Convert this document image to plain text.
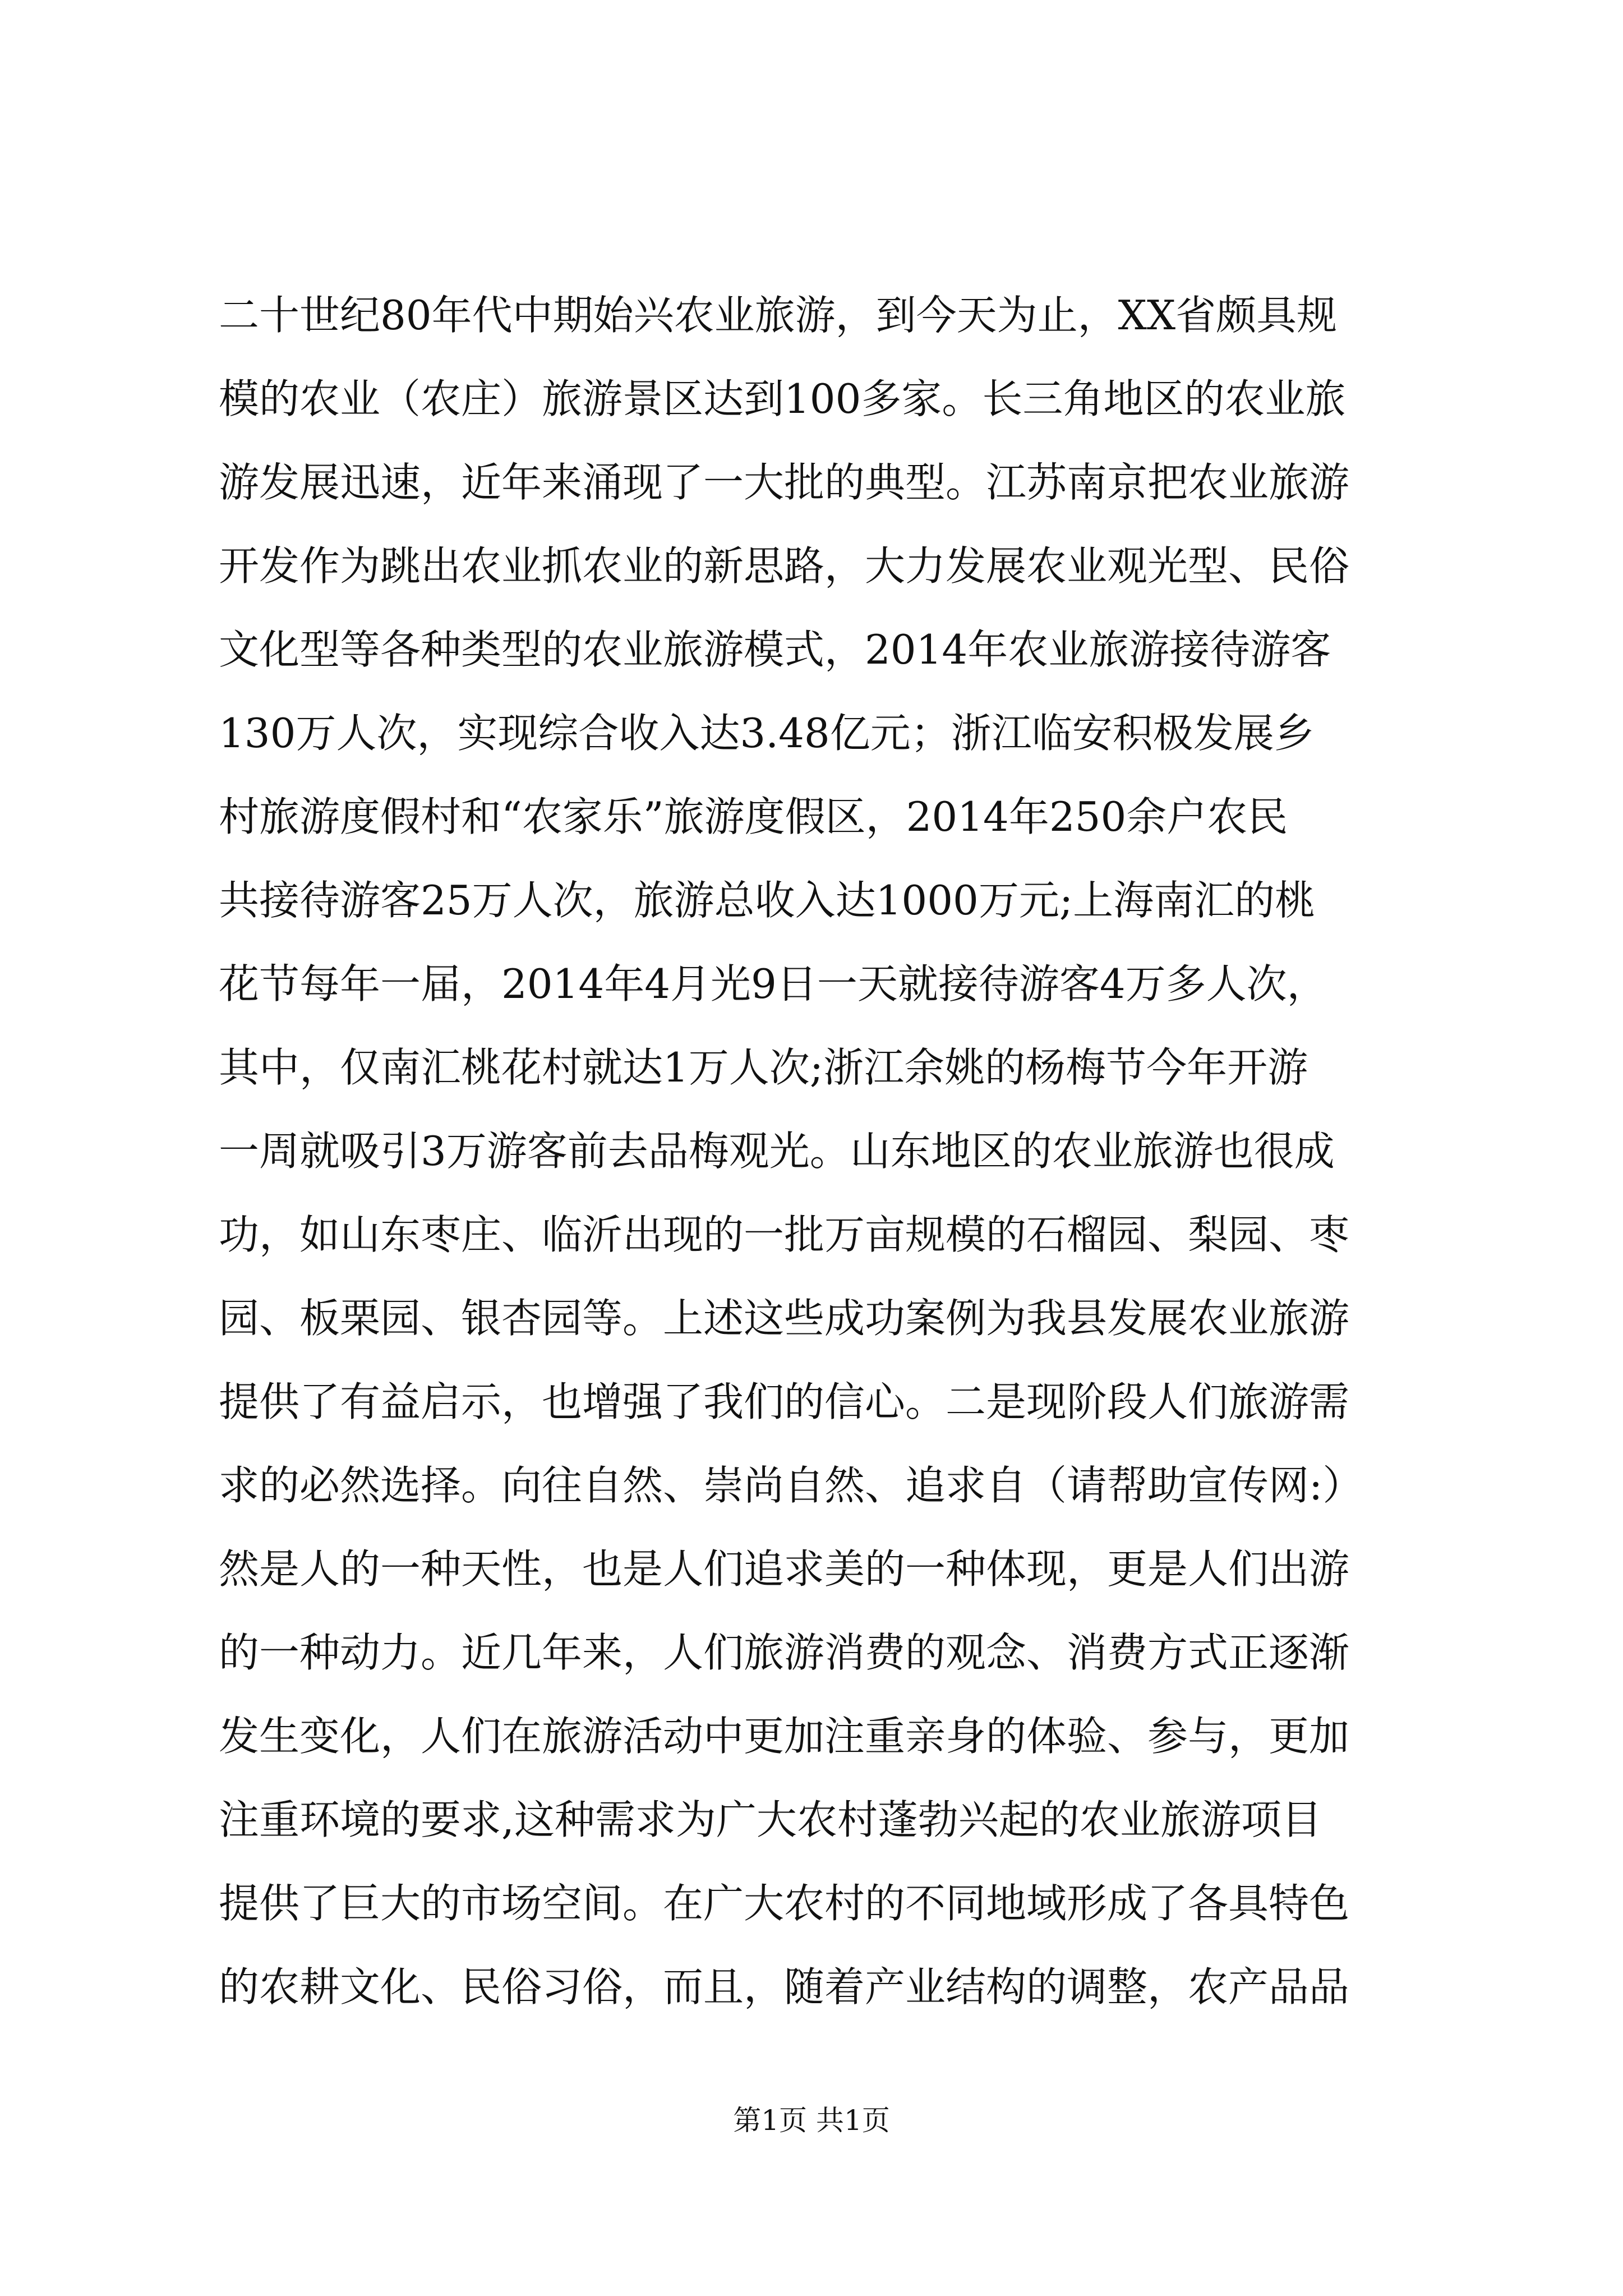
二十世纪80年代中期始兴农业旅游，到今天为止，XX省颇具规
模的农业（农庄）旅游景区达到100多家。长三角地区的农业旅
游发展迅速，近年来涌现了一大批的典型。江苏南京把农业旅游
开发作为跳出农业抓农业的新思路，大力发展农业观光型、民俗
文化型等各种类型的农业旅游模式，2014年农业旅游接待游客
130万人次，实现综合收入达3.48亿元；浙江临安积极发展乡
村旅游度假村和“农家乐”旅游度假区，2014年250余户农民
共接待游客25万人次，旅游总收入达1000万元;上海南汇的桃
花节每年一届，2014年4月光9日一天就接待游客4万多人次，
其中，仅南汇桃花村就达1万人次;浙江余姚的杨梅节今年开游
一周就吸引3万游客前去品梅观光。山东地区的农业旅游也很成
功，如山东枣庄、临沂出现的一批万亩规模的石榴园、梨园、枣
园、板栗园、银杏园等。上述这些成功案例为我县发展农业旅游
提供了有益启示，也增强了我们的信心。二是现阶段人们旅游需
求的必然选择。向往自然、崇尚自然、追求自（请帮助宣传网:）
然是人的一种天性，也是人们追求美的一种体现，更是人们出游
的一种动力。近几年来，人们旅游消费的观念、消费方式正逐渐
发生变化，人们在旅游活动中更加注重亲身的体验、参与，更加
注重环境的要求,这种需求为广大农村蓬勃兴起的农业旅游项目
提供了巨大的市场空间。在广大农村的不同地域形成了各具特色
的农耕文化、民俗习俗，而且，随着产业结构的调整，农产品品
第1页 共1页
